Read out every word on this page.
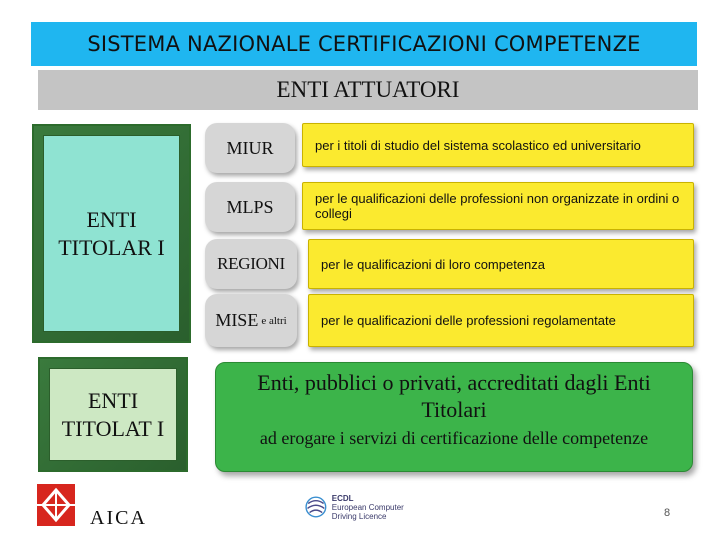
SISTEMA NAZIONALE CERTIFICAZIONI COMPETENZE
ENTI ATTUATORI
ENTI TITOLAR I
ENTI TITOLAT I
MIUR	per i titoli di studio del sistema scolastico ed universitario
MLPS	per le qualificazioni delle professioni non organizzate in ordini o collegi
REGIONI	per le qualificazioni di loro competenza
MISE e altri	per le qualificazioni delle professioni regolamentate
Enti, pubblici o privati, accreditati dagli Enti Titolari
ad erogare i servizi di certificazione delle competenze
AICA
ECDL
European Computer Driving Licence	8
